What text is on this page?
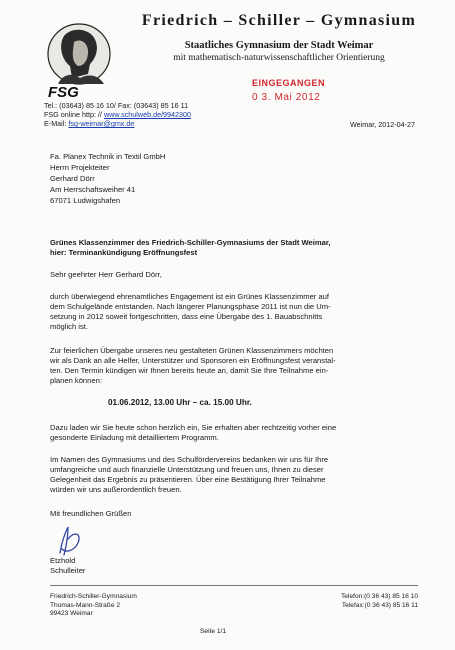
Friedrich – Schiller – Gymnasium
Staatliches Gymnasium der Stadt Weimar
mit mathematisch-naturwissenschaftlicher Orientierung
FSG
Tel.: (03643) 85 16 10/ Fax: (03643) 85 16 11
FSG online http: // www.schulweb.de/9942300
E-Mail: fsg-weimar@gmx.de
EINGEGANGEN
0 3. Mai 2012
Weimar, 2012-04-27
Fa. Planex Technik in Textil GmbH
Herrn Projekteiter
Gerhard Dörr
Am Herrschaftsweiher 41
67071 Ludwigshafen
Grünes Klassenzimmer des Friedrich-Schiller-Gymnasiums der Stadt Weimar,
hier: Terminankündigung Eröffnungsfest
Sehr geehrter Herr Gerhard Dörr,
durch überwiegend ehrenamtliches Engagement ist ein Grünes Klassenzimmer auf
dem Schulgelände entstanden. Nach längerer Planungsphase 2011 ist nun die Um-
setzung in 2012 soweit fortgeschritten, dass eine Übergabe des 1. Bauabschnitts
möglich ist.
Zur feierlichen Übergabe unseres neu gestalteten Grünen Klassenzimmers möchten
wir als Dank an alle Helfer, Unterstützer und Sponsoren ein Eröffnungsfest veranstal-
ten. Den Termin kündigen wir Ihnen bereits heute an, damit Sie Ihre Teilnahme ein-
planen können:
01.06.2012, 13.00 Uhr – ca. 15.00 Uhr.
Dazu laden wir Sie heute schon herzlich ein, Sie erhalten aber rechtzeitig vorher eine
gesonderte Einladung mit detailliertem Programm.
Im Namen des Gymnasiums und des Schulfördervereins bedanken wir uns für Ihre
umfangreiche und auch finanzielle Unterstützung und freuen uns, Ihnen zu dieser
Gelegenheit das Ergebnis zu präsentieren. Über eine Bestätigung Ihrer Teilnahme
würden wir uns außerordentlich freuen.
Mit freundlichen Grüßen
Etzhold
Schulleiter
Friedrich-Schiller-Gymnasium
Thomas-Mann-Straße 2
99423 Weimar
Telefon:(0 36 43) 85 16 10
Telefax:(0 36 43) 85 16 11
Seite 1/1
